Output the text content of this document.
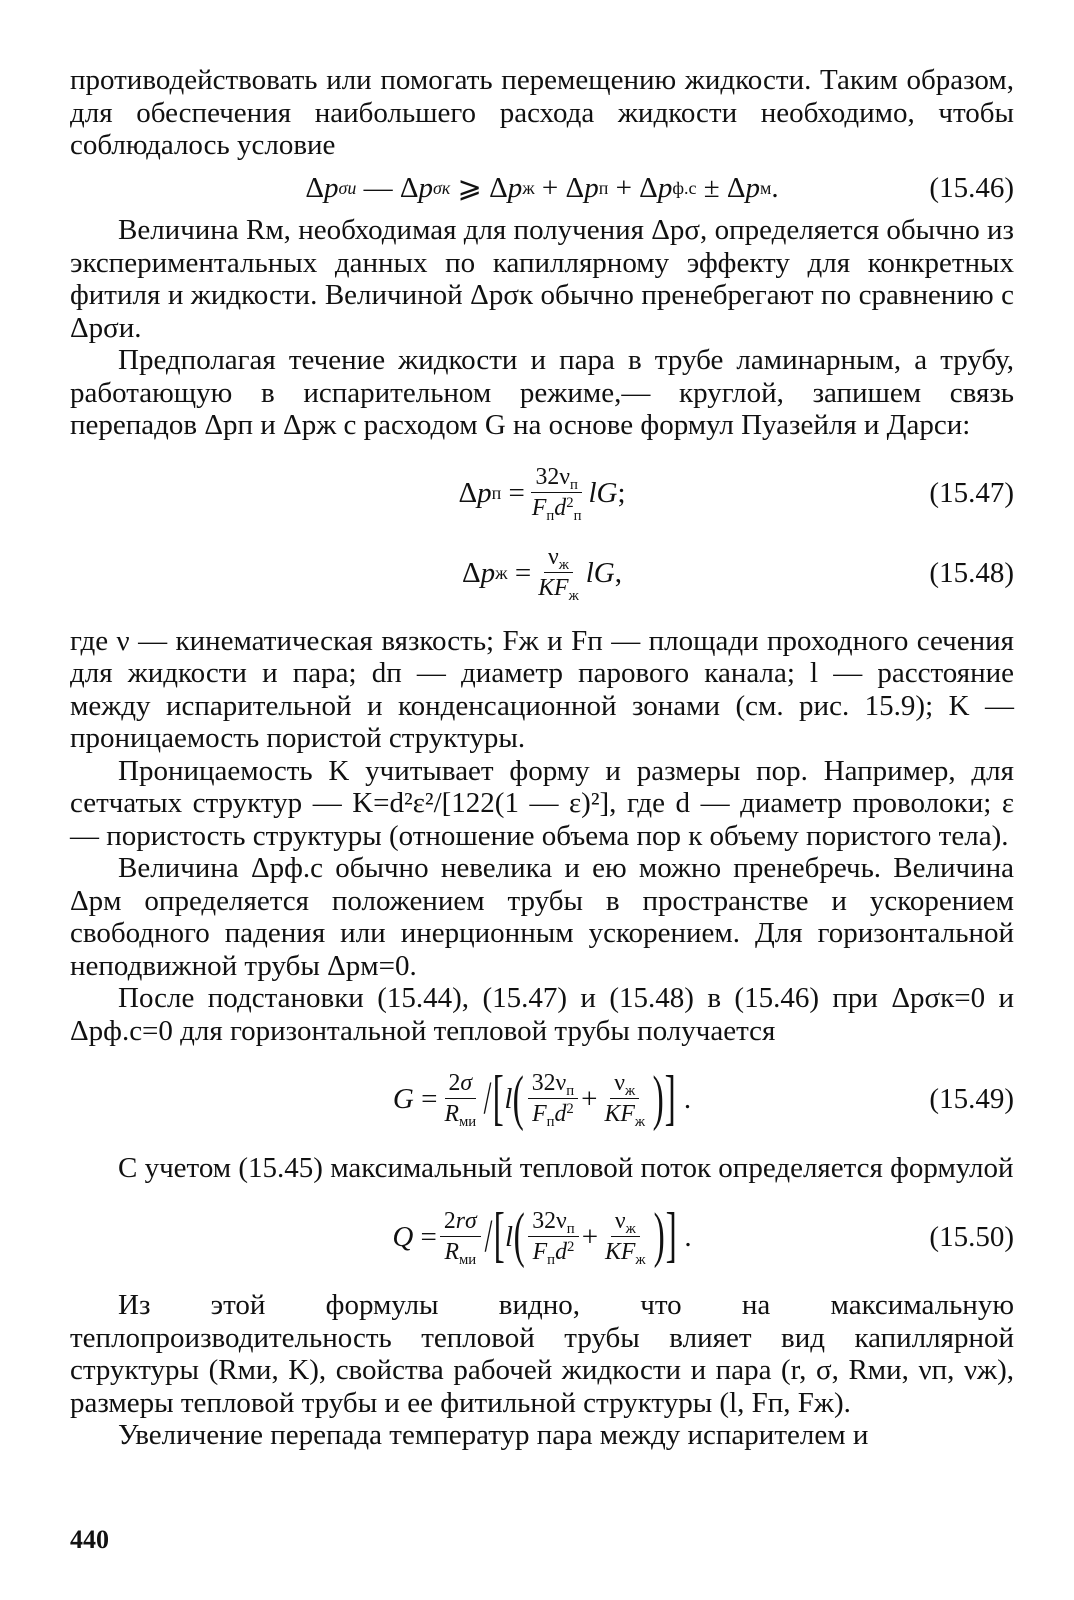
противодействовать или помогать перемещению жидкости. Таким образом, для обеспечения наибольшего расхода жидкости необходимо, чтобы соблюдалось условие

Δ p σи — Δ p σк ⩾ Δ p ж + Δ p п + Δ p ф.с ± Δ p м .	(15.46)

Величина Rм, необходимая для получения Δpσ, определяется обычно из экспериментальных данных по капиллярному эффекту для конкретных фитиля и жидкости. Величиной Δpσк обычно пренебрегают по сравнению с Δpσи.

Предполагая течение жидкости и пара в трубе ламинарным, а трубу, работающую в испарительном режиме,— круглой, запишем связь перепадов Δpп и Δpж с расходом G на основе формул Пуазейля и Дарси:

Δ p $п = \frac{32\nu_п}{F_пd^2_п}$ lG ;	(15.47)
Δ p $ж = \frac{\nu_ж}{KF_ж}$ lG ,	(15.48)

где ν — кинематическая вязкость; Fж и Fп — площади проходного сечения для жидкости и пара; dп — диаметр парового канала; l — расстояние между испарительной и конденсационной зонами (см. рис. 15.9); K — проницаемость пористой структуры.

Проницаемость K учитывает форму и размеры пор. Например, для сетчатых структур — K=d²ε²/[122(1 — ε)²], где d — диаметр проволоки; ε — пористость структуры (отношение объема пор к объему пористого тела).

Величина Δpф.с обычно невелика и ею можно пренебречь. Величина Δpм определяется положением трубы в пространстве и ускорением свободного падения или инерционным ускорением. Для горизонтальной неподвижной трубы Δpм=0.

После подстановки (15.44), (15.47) и (15.48) в (15.46) при Δpσк=0 и Δpф.с=0 для горизонтальной тепловой трубы получается

$G = \frac{2\sigma}{R_{ми}}$ / [ l ( $\frac{32\nu_п}{F_пd^2} + \frac{\nu_ж}{KF_ж}$ ) ] .	(15.49)

С учетом (15.45) максимальный тепловой поток определяется формулой

$Q = \frac{2r\sigma}{R_{ми}}$ / [ l ( $\frac{32\nu_п}{F_пd^2} + \frac{\nu_ж}{KF_ж}$ ) ] .	(15.50)

Из этой формулы видно, что на максимальную теплопроизводительность тепловой трубы влияет вид капиллярной структуры (Rми, K), свойства рабочей жидкости и пара (r, σ, Rми, νп, νж), размеры тепловой трубы и ее фитильной структуры (l, Fп, Fж).

Увеличение перепада температур пара между испарителем и

440
